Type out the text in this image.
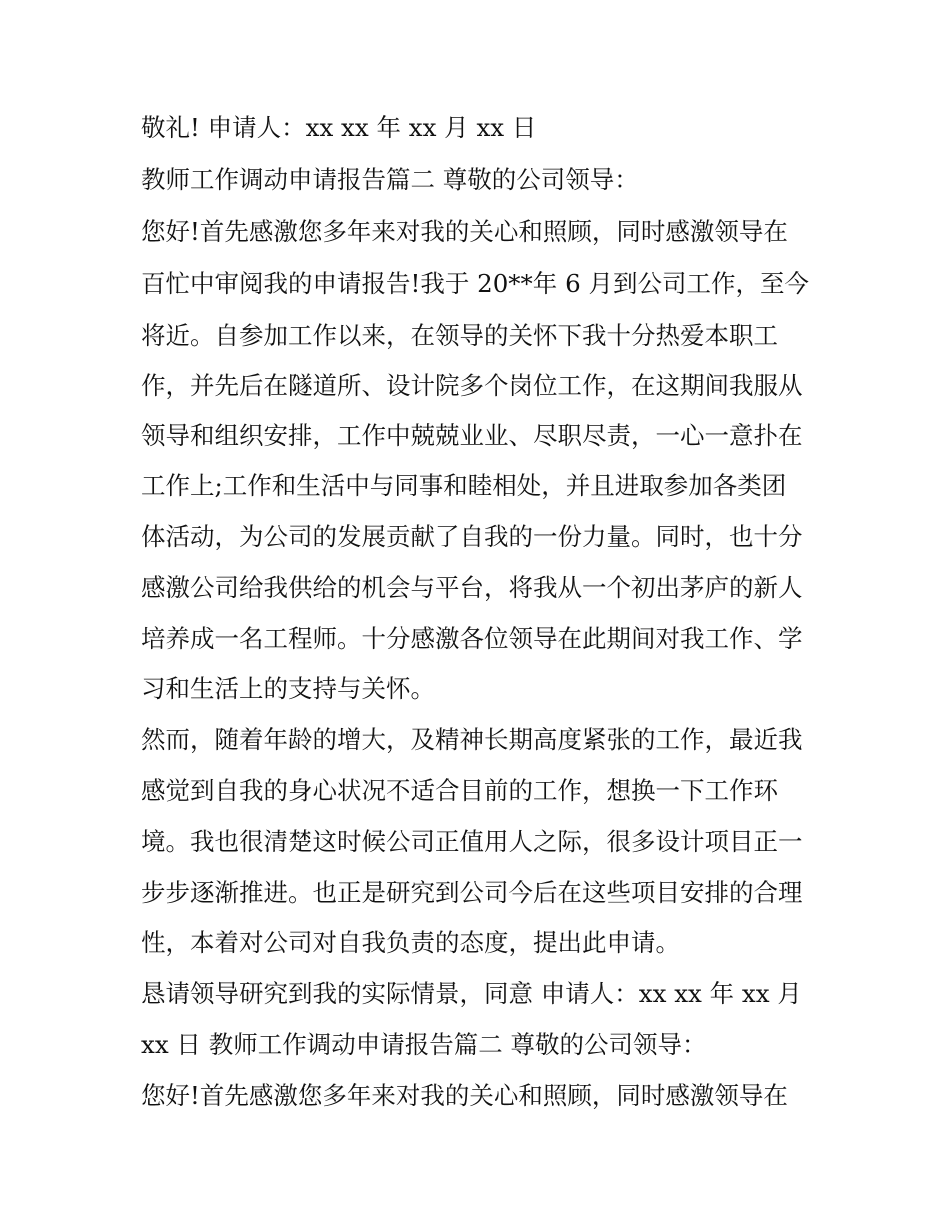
敬礼! 申请人：xx xx 年 xx 月 xx 日
教师工作调动申请报告篇二 尊敬的公司领导：
您好!首先感激您多年来对我的关心和照顾，同时感激领导在
百忙中审阅我的申请报告!我于 20**年 6 月到公司工作，至今
将近。自参加工作以来，在领导的关怀下我十分热爱本职工
作，并先后在隧道所、设计院多个岗位工作，在这期间我服从
领导和组织安排，工作中兢兢业业、尽职尽责，一心一意扑在
工作上;工作和生活中与同事和睦相处，并且进取参加各类团
体活动，为公司的发展贡献了自我的一份力量。同时，也十分
感激公司给我供给的机会与平台，将我从一个初出茅庐的新人
培养成一名工程师。十分感激各位领导在此期间对我工作、学
习和生活上的支持与关怀。
然而，随着年龄的增大，及精神长期高度紧张的工作，最近我
感觉到自我的身心状况不适合目前的工作，想换一下工作环
境。我也很清楚这时候公司正值用人之际，很多设计项目正一
步步逐渐推进。也正是研究到公司今后在这些项目安排的合理
性，本着对公司对自我负责的态度，提出此申请。
恳请领导研究到我的实际情景，同意 申请人：xx xx 年 xx 月
xx 日 教师工作调动申请报告篇二 尊敬的公司领导：
您好!首先感激您多年来对我的关心和照顾，同时感激领导在
